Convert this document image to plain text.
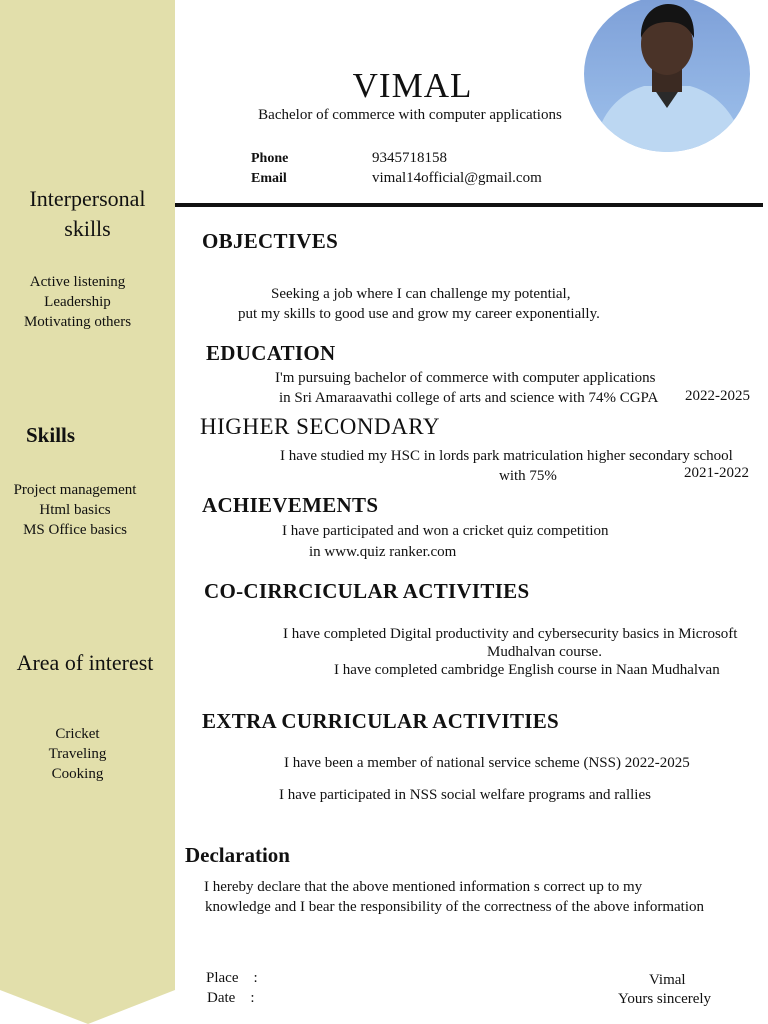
Interpersonal
skills
Active listening
Leadership
Motivating others
Skills
Project management
Html basics
MS Office basics
Area of interest
Cricket
Traveling
Cooking
VIMAL
Bachelor of commerce with computer applications
Phone	9345718158
Email	vimal14official@gmail.com
OBJECTIVES
Seeking a job where I can challenge my potential,
put my skills to good use and grow my career exponentially.
EDUCATION
I'm pursuing bachelor of commerce with computer applications
in Sri Amaraavathi college of arts and science with 74% CGPA 2022-2025
HIGHER SECONDARY
I have studied my HSC in lords park matriculation higher secondary school
with 75%	2021-2022
ACHIEVEMENTS
I have participated and won a cricket quiz competition
in www.quiz ranker.com
CO-CIRRCICULAR ACTIVITIES
I have completed Digital productivity and cybersecurity basics in Microsoft
Mudhalvan course.
I have completed cambridge English course in Naan Mudhalvan
EXTRA CURRICULAR ACTIVITIES
I have been a member of national service scheme (NSS) 2022-2025
I have participated in NSS social welfare programs and rallies
Declaration
I hereby declare that the above mentioned information s correct up to my
knowledge and I bear the responsibility of the correctness of the above information
Place    :
Date    :
Vimal
Yours sincerely
